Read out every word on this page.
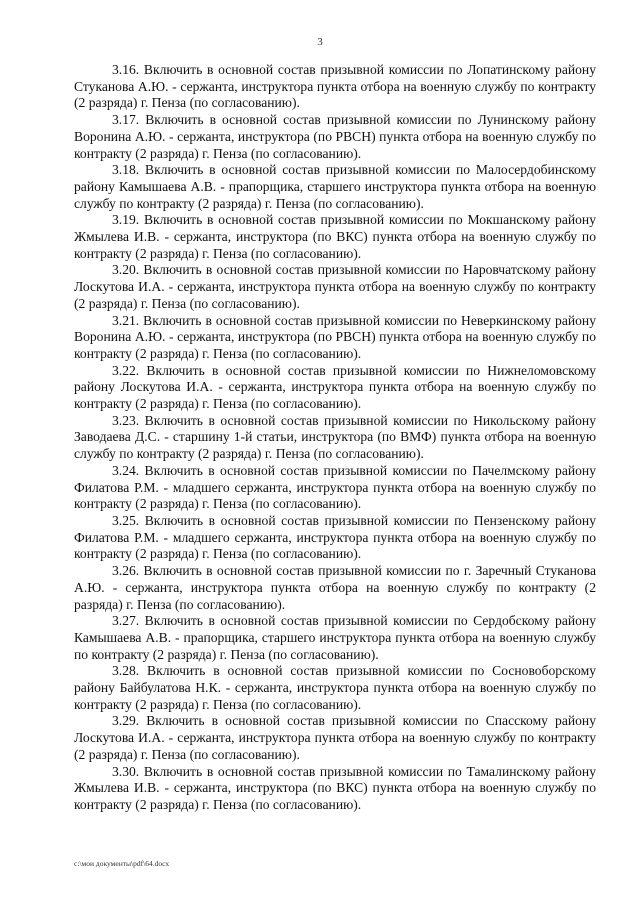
3

3.16. Включить в основной состав призывной комиссии по Лопатинскому району Стуканова А.Ю. - сержанта, инструктора пункта отбора на военную службу по контракту (2 разряда) г. Пенза (по согласованию).

3.17. Включить в основной состав призывной комиссии по Лунинскому району Воронина А.Ю. - сержанта, инструктора (по РВСН) пункта отбора на военную службу по контракту (2 разряда) г. Пенза (по согласованию).

3.18. Включить в основной состав призывной комиссии по Малосердобинскому району Камышаева А.В. - прапорщика, старшего инструктора пункта отбора на военную службу по контракту (2 разряда) г. Пенза (по согласованию).

3.19. Включить в основной состав призывной комиссии по Мокшанскому району Жмылева И.В. - сержанта, инструктора (по ВКС) пункта отбора на военную службу по контракту (2 разряда) г. Пенза (по согласованию).

3.20. Включить в основной состав призывной комиссии по Наровчатскому району Лоскутова И.А. - сержанта, инструктора пункта отбора на военную службу по контракту (2 разряда) г. Пенза (по согласованию).

3.21. Включить в основной состав призывной комиссии по Неверкинскому району Воронина А.Ю. - сержанта, инструктора (по РВСН) пункта отбора на военную службу по контракту (2 разряда) г. Пенза (по согласованию).

3.22. Включить в основной состав призывной комиссии по Нижнеломовскому району Лоскутова И.А. - сержанта, инструктора пункта отбора на военную службу по контракту (2 разряда) г. Пенза (по согласованию).

3.23. Включить в основной состав призывной комиссии по Никольскому району Заводаева Д.С. - старшину 1-й статьи, инструктора (по ВМФ) пункта отбора на военную службу по контракту (2 разряда) г. Пенза (по согласованию).

3.24. Включить в основной состав призывной комиссии по Пачелмскому району Филатова Р.М. - младшего сержанта, инструктора пункта отбора на военную службу по контракту (2 разряда) г. Пенза (по согласованию).

3.25. Включить в основной состав призывной комиссии по Пензенскому району Филатова Р.М. - младшего сержанта, инструктора пункта отбора на военную службу по контракту (2 разряда) г. Пенза (по согласованию).

3.26. Включить в основной состав призывной комиссии по г. Заречный Стуканова А.Ю. - сержанта, инструктора пункта отбора на военную службу по контракту (2 разряда) г. Пенза (по согласованию).

3.27. Включить в основной состав призывной комиссии по Сердобскому району Камышаева А.В. - прапорщика, старшего инструктора пункта отбора на военную службу по контракту (2 разряда) г. Пенза (по согласованию).

3.28. Включить в основной состав призывной комиссии по Сосновоборскому району Байбулатова Н.К. - сержанта, инструктора пункта отбора на военную службу по контракту (2 разряда) г. Пенза (по согласованию).

3.29. Включить в основной состав призывной комиссии по Спасскому району Лоскутова И.А. - сержанта, инструктора пункта отбора на военную службу по контракту (2 разряда) г. Пенза (по согласованию).

3.30. Включить в основной состав призывной комиссии по Тамалинскому району Жмылева И.В. - сержанта, инструктора (по ВКС) пункта отбора на военную службу по контракту (2 разряда) г. Пенза (по согласованию).

c:\мои документы\pdf\64.docx
